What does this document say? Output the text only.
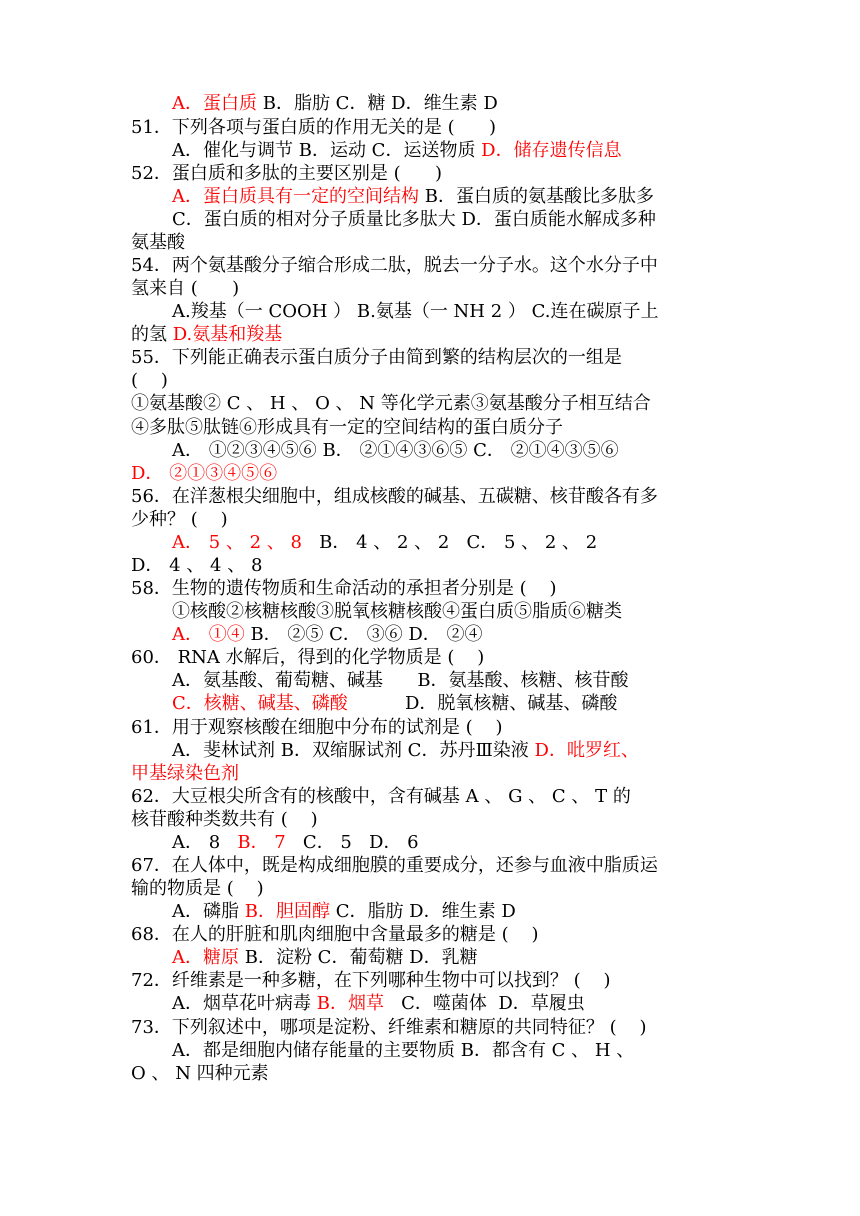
A．蛋白质 B．脂肪 C．糖 D．维生素 D
51．下列各项与蛋白质的作用无关的是 (      )
A．催化与调节 B．运动 C．运送物质 D．储存遗传信息
52．蛋白质和多肽的主要区别是 (      )
A．蛋白质具有一定的空间结构 B．蛋白质的氨基酸比多肽多
C．蛋白质的相对分子质量比多肽大 D．蛋白质能水解成多种
氨基酸
54．两个氨基酸分子缩合形成二肽，脱去一分子水。这个水分子中
氢来自 (      )
A.羧基（一 COOH ） B.氨基（一 NH 2 ） C.连在碳原子上
的氢 D.氨基和羧基
55．下列能正确表示蛋白质分子由简到繁的结构层次的一组是
(    )
①氨基酸② C 、 H 、 O 、 N 等化学元素③氨基酸分子相互结合
④多肽⑤肽链⑥形成具有一定的空间结构的蛋白质分子
A． ①②③④⑤⑥ B． ②①④③⑥⑤ C． ②①④③⑤⑥
D． ②①③④⑤⑥
56．在洋葱根尖细胞中，组成核酸的碱基、五碳糖、核苷酸各有多
少种？ (    )
A． 5 、 2 、 8   B． 4 、 2 、 2   C． 5 、 2 、 2
D． 4 、 4 、 8
58．生物的遗传物质和生命活动的承担者分别是 (    )
①核酸②核糖核酸③脱氧核糖核酸④蛋白质⑤脂质⑥糖类
A． ①④ B． ②⑤ C． ③⑥ D． ②④
60． RNA 水解后，得到的化学物质是 (    )
A．氨基酸、葡萄糖、碱基      B．氨基酸、核糖、核苷酸
C．核糖、碱基、磷酸          D．脱氧核糖、碱基、磷酸
61．用于观察核酸在细胞中分布的试剂是 (    )
A．斐林试剂 B．双缩脲试剂 C．苏丹Ⅲ染液 D．吡罗红、
甲基绿染色剂
62．大豆根尖所含有的核酸中，含有碱基 A 、 G 、 C 、 T 的
核苷酸种类数共有 (    )
A． 8   B． 7   C． 5   D． 6
67．在人体中，既是构成细胞膜的重要成分，还参与血液中脂质运
输的物质是 (    )
A．磷脂 B．胆固醇 C．脂肪 D．维生素 D
68．在人的肝脏和肌肉细胞中含量最多的糖是 (    )
A．糖原 B．淀粉 C．葡萄糖 D．乳糖
72．纤维素是一种多糖，在下列哪种生物中可以找到？ (    )
A．烟草花叶病毒 B．烟草   C．噬菌体  D．草履虫
73．下列叙述中，哪项是淀粉、纤维素和糖原的共同特征？ (    )
A．都是细胞内储存能量的主要物质 B．都含有 C 、 H 、
O 、 N 四种元素
